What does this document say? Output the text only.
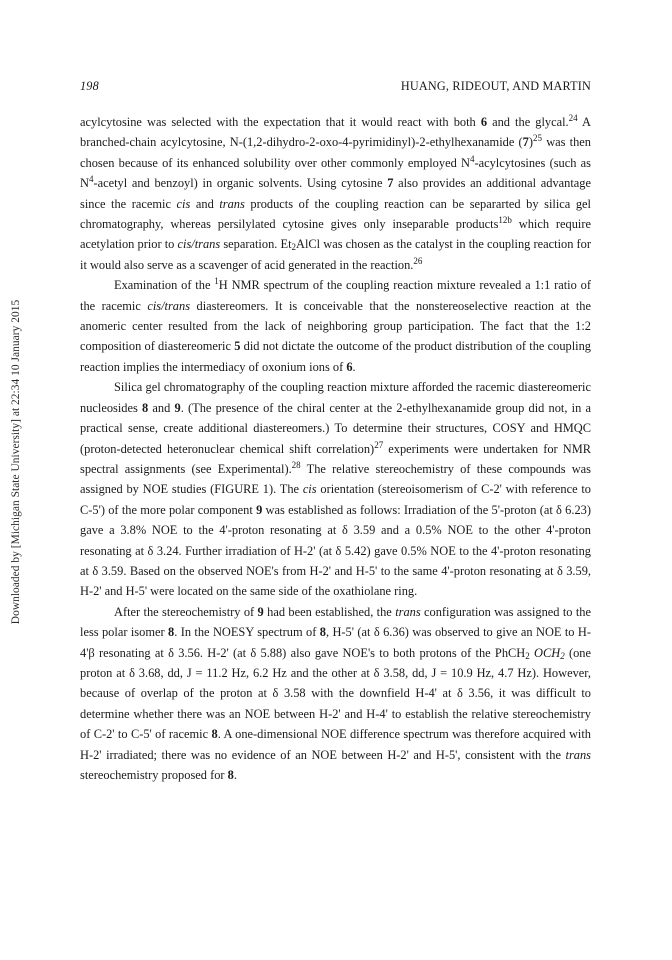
Downloaded by [Michigan State University] at 22:34 10 January 2015
198	HUANG, RIDEOUT, AND MARTIN

acylcytosine was selected with the expectation that it would react with both 6 and the glycal.$^{24}$ A branched-chain acylcytosine, N-(1,2-dihydro-2-oxo-4-pyrimidinyl)-2-ethylhexanamide $(7)^{25}$ was then chosen because of its enhanced solubility over other commonly employed $N^4$-acylcytosines (such as $N^4$-acetyl and benzoyl) in organic solvents. Using cytosine 7 also provides an additional advantage since the racemic cis and trans products of the coupling reaction can be separarted by silica gel chromatography, whereas persilylated cytosine gives only inseparable products$^{12b}$ which require acetylation prior to cis/trans separation. $Et_2AlCl$ was chosen as the catalyst in the coupling reaction for it would also serve as a scavenger of acid generated in the reaction.$^{26}$

Examination of the $^1$H NMR spectrum of the coupling reaction mixture revealed a 1:1 ratio of the racemic cis/trans diastereomers. It is conceivable that the nonstereoselective reaction at the anomeric center resulted from the lack of neighboring group participation. The fact that the 1:2 composition of diastereomeric 5 did not dictate the outcome of the product distribution of the coupling reaction implies the intermediacy of oxonium ions of 6.

Silica gel chromatography of the coupling reaction mixture afforded the racemic diastereomeric nucleosides 8 and 9. (The presence of the chiral center at the 2-ethylhexanamide group did not, in a practical sense, create additional diastereomers.) To determine their structures, COSY and HMQC (proton-detected heteronuclear chemical shift correlation)$^{27}$ experiments were undertaken for NMR spectral assignments (see Experimental).$^{28}$ The relative stereochemistry of these compounds was assigned by NOE studies (FIGURE 1). The cis orientation (stereoisomerism of C-2' with reference to C-5') of the more polar component 9 was established as follows: Irradiation of the 5'-proton (at δ 6.23) gave a 3.8% NOE to the 4'-proton resonating at δ 3.59 and a 0.5% NOE to the other 4'-proton resonating at δ 3.24. Further irradiation of H-2' (at δ 5.42) gave 0.5% NOE to the 4'-proton resonating at δ 3.59. Based on the observed NOE's from H-2' and H-5' to the same 4'-proton resonating at δ 3.59, H-2' and H-5' were located on the same side of the oxathiolane ring.

After the stereochemistry of 9 had been established, the trans configuration was assigned to the less polar isomer 8. In the NOESY spectrum of 8, H-5' (at δ 6.36) was observed to give an NOE to H-4'β resonating at δ 3.56. H-2' (at δ 5.88) also gave NOE's to both protons of the PhCH$_2$ $OCH_2$ (one proton at δ 3.68, dd, J = 11.2 Hz, 6.2 Hz and the other at δ 3.58, dd, J = 10.9 Hz, 4.7 Hz). However, because of overlap of the proton at δ 3.58 with the downfield H-4' at δ 3.56, it was difficult to determine whether there was an NOE between H-2' and H-4' to establish the relative stereochemistry of C-2' to C-5' of racemic 8. A one-dimensional NOE difference spectrum was therefore acquired with H-2' irradiated; there was no evidence of an NOE between H-2' and H-5', consistent with the trans stereochemistry proposed for 8.
